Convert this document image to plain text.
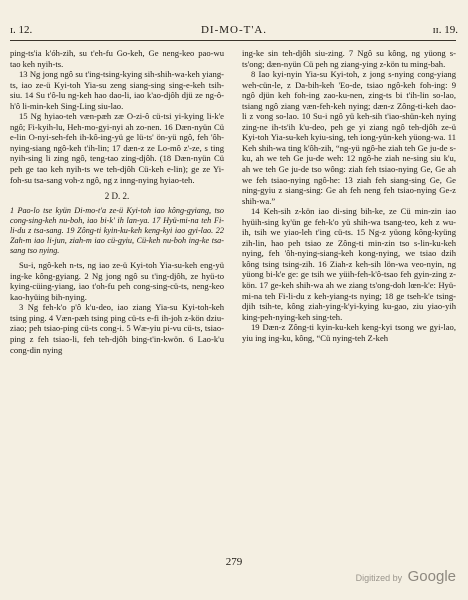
ɪ. 12.	DI-MO-T'A.	ɪɪ. 19.

ping-ts'ia k'óh-zih, su t'eh-fu Go-keh, Ge neng-keo pao-wu tao keh nyih-ts.

13 Ng jong ngô su t'ing-tsing-kying sih-shih-wa-keh yiang-ts, iao ze-ü Kyi-toh Yia-su zeng siang-sing sing-e-keh tsih-siu. 14 Su t'ô-lu ng-keh hao dao-li, iao k'ao-djôh djü ze ng-ô-h'ô li-min-keh Sing-Ling siu-lao.

15 Ng hyiao-teh væn-pæh zæ O-zi-ô cü-tsi yi-kying li-k'e ngô; Fi-kyih-lu, Heh-mo-gyi-nyi ah zo-nen. 16 Dæn-nyün Cü e-lin O-nyi-seh-feh ih-kô-ing-yü ge lü-ts' ön-yü ngô, feh 'ôh-nying-siang ngô-keh t'ih-lin; 17 dæn-z ze Lo-mô z'-ze, s ting nyih-sing li zing ngô, teng-tao zing-djôh. (18 Dæn-nyün Cü peh ge tao keh nyih-ts we teh-djôh Cü-keh e-lin); ge ze Yi-foh-su tsa-sang voh-z ngô, ng z inng-nying hyiao-teh.

2 D. 2.

1 Pao-lo tse kyün Di-mo-t'a ze-ü Kyi-toh iao kông-gyiang, tso cong-sing-keh nu-boh, iao bi-k' ih lan-ya. 17 Hyü-mi-na teh Fi-li-du z tsa-sang. 19 Zông-ti kyin-ku-keh keng-kyi iao gyi-lao. 22 Zah-m iao li-jun, ziah-m iao cü-gyiu, Cü-keh nu-boh ing-ke tsa-sang tso nying.

Su-i, ngô-keh n-ts, ng iao ze-ü Kyi-toh Yia-su-keh eng-yü ing-ke kông-gyiang. 2 Ng jong ngô su t'ing-djôh, ze hyü-to kying-cüing-yiang, iao t'oh-fu peh cong-sing-cü-ts, neng-keo kao-hyüing bih-nying.

3 Ng feh-k'o p'ô k'u-deo, iao ziang Yia-su Kyi-toh-keh tsing ping. 4 Væn-pæh tsing ping cü-ts e-fi ih-joh z-kön dziu-ziao; peh tsiao-ping cü-ts cong-i. 5 Wæ-yiu pi-vu cü-ts, tsiao-ping z feh tsiao-li, feh teh-djôh bing-t'in-kwön. 6 Lao-k'u cong-din nying

ing-ke sin teh-djôh siu-zing. 7 Ngô su kông, ng yüong s-ts'ong; dæn-nyün Cü peh ng ziang-ying z-kön tu ming-bah.

8 Iao kyi-nyin Yia-su Kyi-toh, z jong s-nying cong-yiang weh-cün-le, z Da-bih-keh 'Eo-de, tsiao ngô-keh foh-ing: 9 ngô djün keh foh-ing zao-ku-nen, zing-ts bi t'ih-lin so-lao, tsiang ngô ziang væn-feh-keh nying; dæn-z Zông-ti-keh dao-li z vong so-lao. 10 Su-i ngô yü keh-sih t'iao-shün-keh nying zing-ne ih-ts'ih k'u-deo, peh ge yi ziang ngô teh-djôh ze-ü Kyi-toh Yia-su-keh kyiu-sing, teh iong-yün-keh yüong-wa. 11 Keh shih-wa ting k'ôh-zih, “ng-yü ngô-he ziah teh Ge ju-de s-ku, ah we teh Ge ju-de weh: 12 ngô-he ziah ne-sing siu k'u, ah we teh Ge ju-de tso wông: ziah feh tsiao-nying Ge, Ge ah we feh tsiao-nying ngô-he: 13 ziah feh siang-sing Ge, Ge ning-gyiu z siang-sing: Ge ah feh neng feh tsiao-nying Ge-z shih-wa.”

14 Keh-sih z-kön iao di-sing bih-ke, ze Cü min-zin iao hyüih-sing ky'ün ge feh-k'o yü shih-wa tsang-teo, keh z wu-ih, tsih we yiao-leh t'ing cü-ts. 15 Ng-z yüong kông-kyüng zih-lin, hao peh tsiao ze Zông-ti min-zin tso s-lin-ku-keh nying, feh 'ôh-nying-siang-keh kong-nying, we tsiao dzih kông tsing tsing-zih. 16 Ziah-z keh-sih lön-wa veo-nyin, ng yüong bi-k'e ge: ge tsih we yüih-feh-k'ô-tsao feh gyin-zing z-kön. 17 ge-keh shih-wa ah we ziang ts'ong-doh lœn-k'e: Hyü-mi-na teh Fi-li-du z keh-yiang-ts nying; 18 ge tseh-k'e tsing-djih tsih-te, kông ziah-ying-k'yi-kying ku-gao, ziu yiao-yih king-peh-nying-keh sing-teh.

19 Dæn-z Zông-ti kyin-ku-keh keng-kyi tsong we gyi-lao, yiu ing ing-ku, kông, “Cü nying-teh Z-keh

279
Digitized by Google
